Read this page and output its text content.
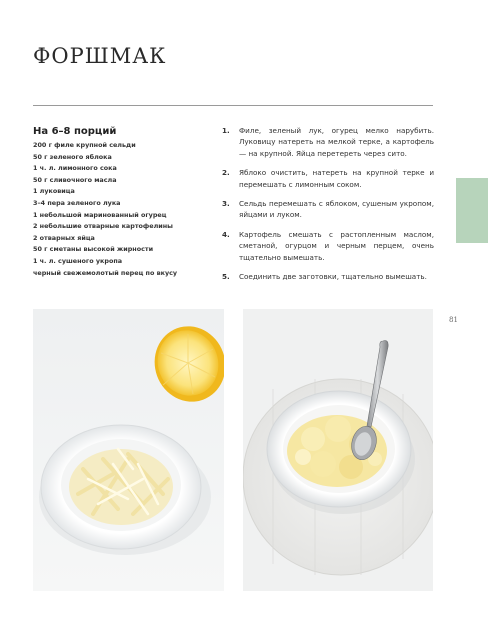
ФОРШМАК
На 6–8 порций
200 г филе крупной сельди
50 г зеленого яблока
1 ч. л. лимонного сока
50 г сливочного масла
1 луковица
3–4 пера зеленого лука
1 небольшой маринованный огурец
2 небольшие отварные картофелины
2 отварных яйца
50 г сметаны высокой жирности
1 ч. л. сушеного укропа
черный свежемолотый перец по вкусу
1.	Филе, зеленый лук, огурец мелко нарубить. Луковицу натереть на мелкой терке, а картофель — на крупной. Яйца перетереть через сито.
2.	Яблоко очистить, натереть на крупной терке и перемешать с лимонным соком.
3.	Сельдь перемешать с яблоком, сушеным укропом, яйцами и луком.
4.	Картофель смешать с растопленным маслом, сметаной, огурцом и черным перцем, очень тщательно вымешать.
5.	Соединить две заготовки, тщательно вымешать.
81
